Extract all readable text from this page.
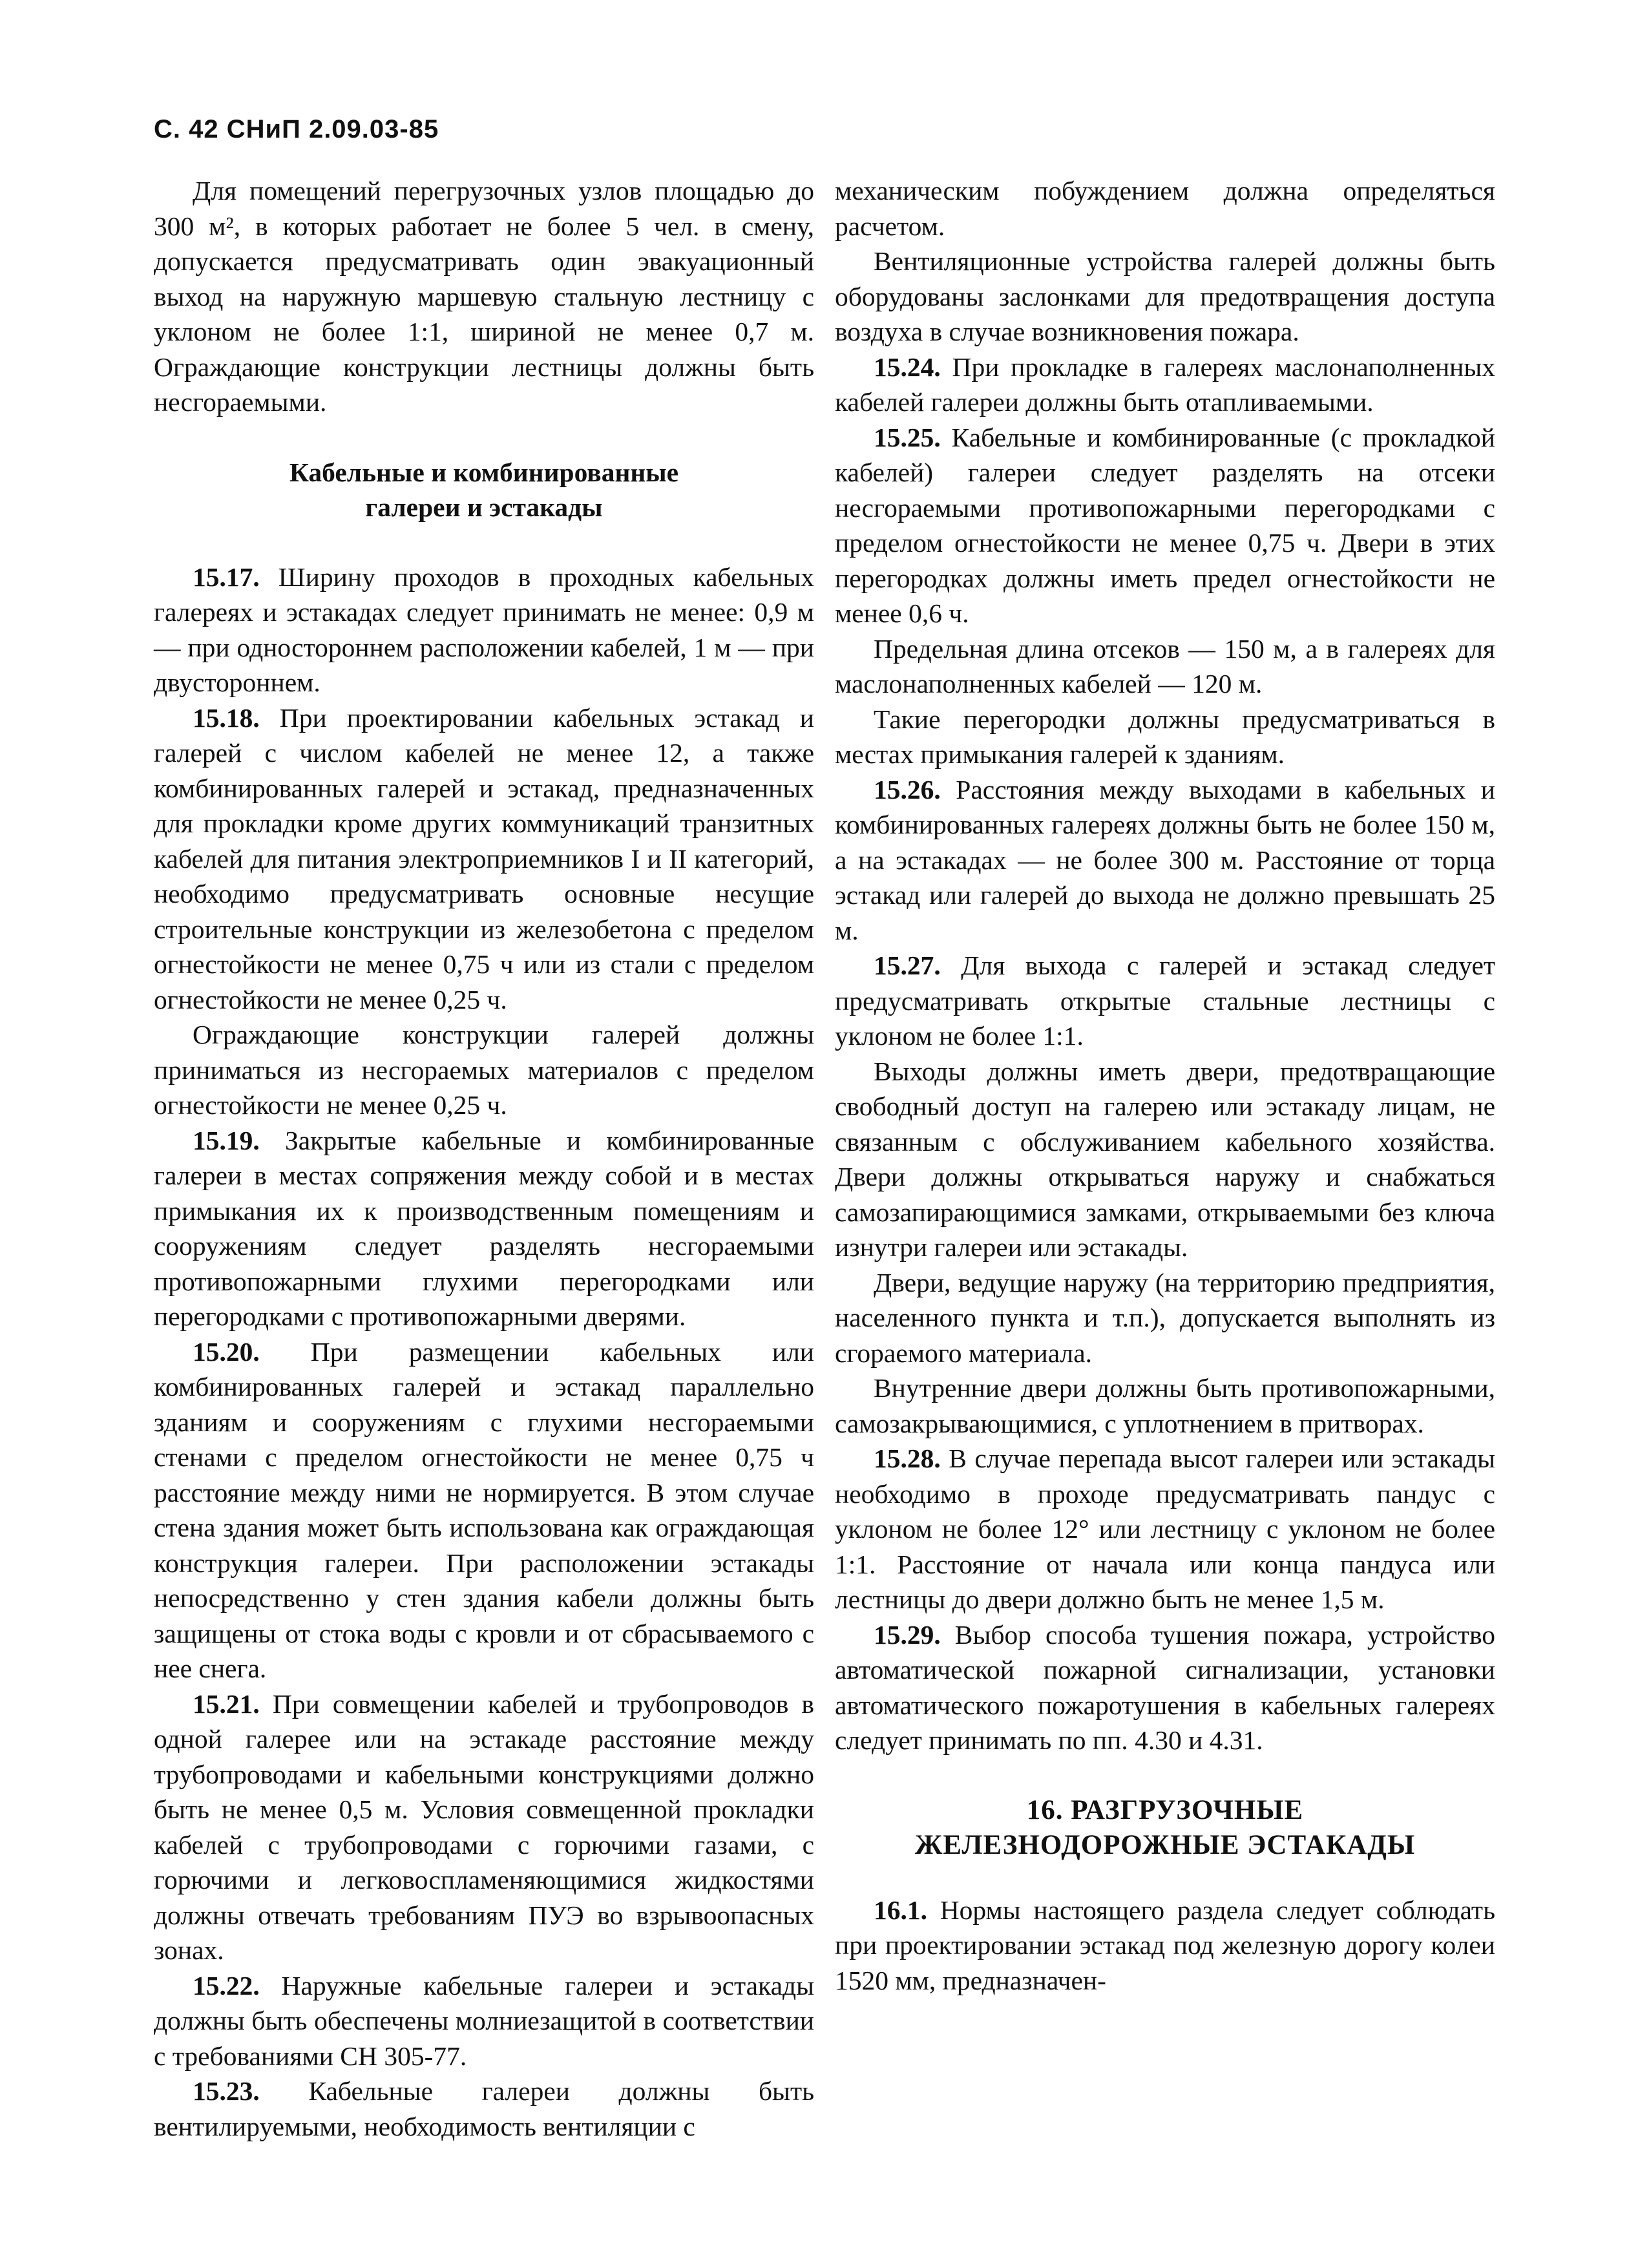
С. 42 СНиП 2.09.03-85

Для помещений перегрузочных узлов площадью до 300 м², в которых работает не более 5 чел. в смену, допускается предусматривать один эвакуационный выход на наружную маршевую стальную лестницу с уклоном не более 1:1, шириной не менее 0,7 м. Ограждающие конструкции лестницы должны быть несгораемыми.

Кабельные и комбинированные
галереи и эстакады

15.17. Ширину проходов в проходных кабельных галереях и эстакадах следует принимать не менее: 0,9 м — при одностороннем расположении кабелей, 1 м — при двустороннем.

15.18. При проектировании кабельных эстакад и галерей с числом кабелей не менее 12, а также комбинированных галерей и эстакад, предназначенных для прокладки кроме других коммуникаций транзитных кабелей для питания электроприемников I и II категорий, необходимо предусматривать основные несущие строительные конструкции из железобетона с пределом огнестойкости не менее 0,75 ч или из стали с пределом огнестойкости не менее 0,25 ч.

Ограждающие конструкции галерей должны приниматься из несгораемых материалов с пределом огнестойкости не менее 0,25 ч.

15.19. Закрытые кабельные и комбинированные галереи в местах сопряжения между собой и в местах примыкания их к производственным помещениям и сооружениям следует разделять несгораемыми противопожарными глухими перегородками или перегородками с противопожарными дверями.

15.20. При размещении кабельных или комбинированных галерей и эстакад параллельно зданиям и сооружениям с глухими несгораемыми стенами с пределом огнестойкости не менее 0,75 ч расстояние между ними не нормируется. В этом случае стена здания может быть использована как ограждающая конструкция галереи. При расположении эстакады непосредственно у стен здания кабели должны быть защищены от стока воды с кровли и от сбрасываемого с нее снега.

15.21. При совмещении кабелей и трубопроводов в одной галерее или на эстакаде расстояние между трубопроводами и кабельными конструкциями должно быть не менее 0,5 м. Условия совмещенной прокладки кабелей с трубопроводами с горючими газами, с горючими и легковоспламеняющимися жидкостями должны отвечать требованиям ПУЭ во взрывоопасных зонах.

15.22. Наружные кабельные галереи и эстакады должны быть обеспечены молниезащитой в соответствии с требованиями СН 305-77.

15.23. Кабельные галереи должны быть вентилируемыми, необходимость вентиляции с

механическим побуждением должна определяться расчетом.

Вентиляционные устройства галерей должны быть оборудованы заслонками для предотвращения доступа воздуха в случае возникновения пожара.

15.24. При прокладке в галереях маслонаполненных кабелей галереи должны быть отапливаемыми.

15.25. Кабельные и комбинированные (с прокладкой кабелей) галереи следует разделять на отсеки несгораемыми противопожарными перегородками с пределом огнестойкости не менее 0,75 ч. Двери в этих перегородках должны иметь предел огнестойкости не менее 0,6 ч.

Предельная длина отсеков — 150 м, а в галереях для маслонаполненных кабелей — 120 м.

Такие перегородки должны предусматриваться в местах примыкания галерей к зданиям.

15.26. Расстояния между выходами в кабельных и комбинированных галереях должны быть не более 150 м, а на эстакадах — не более 300 м. Расстояние от торца эстакад или галерей до выхода не должно превышать 25 м.

15.27. Для выхода с галерей и эстакад следует предусматривать открытые стальные лестницы с уклоном не более 1:1.

Выходы должны иметь двери, предотвращающие свободный доступ на галерею или эстакаду лицам, не связанным с обслуживанием кабельного хозяйства. Двери должны открываться наружу и снабжаться самозапирающимися замками, открываемыми без ключа изнутри галереи или эстакады.

Двери, ведущие наружу (на территорию предприятия, населенного пункта и т.п.), допускается выполнять из сгораемого материала.

Внутренние двери должны быть противопожарными, самозакрывающимися, с уплотнением в притворах.

15.28. В случае перепада высот галереи или эстакады необходимо в проходе предусматривать пандус с уклоном не более 12° или лестницу с уклоном не более 1:1. Расстояние от начала или конца пандуса или лестницы до двери должно быть не менее 1,5 м.

15.29. Выбор способа тушения пожара, устройство автоматической пожарной сигнализации, установки автоматического пожаротушения в кабельных галереях следует принимать по пп. 4.30 и 4.31.

16. РАЗГРУЗОЧНЫЕ
ЖЕЛЕЗНОДОРОЖНЫЕ ЭСТАКАДЫ

16.1. Нормы настоящего раздела следует соблюдать при проектировании эстакад под железную дорогу колеи 1520 мм, предназначен-
